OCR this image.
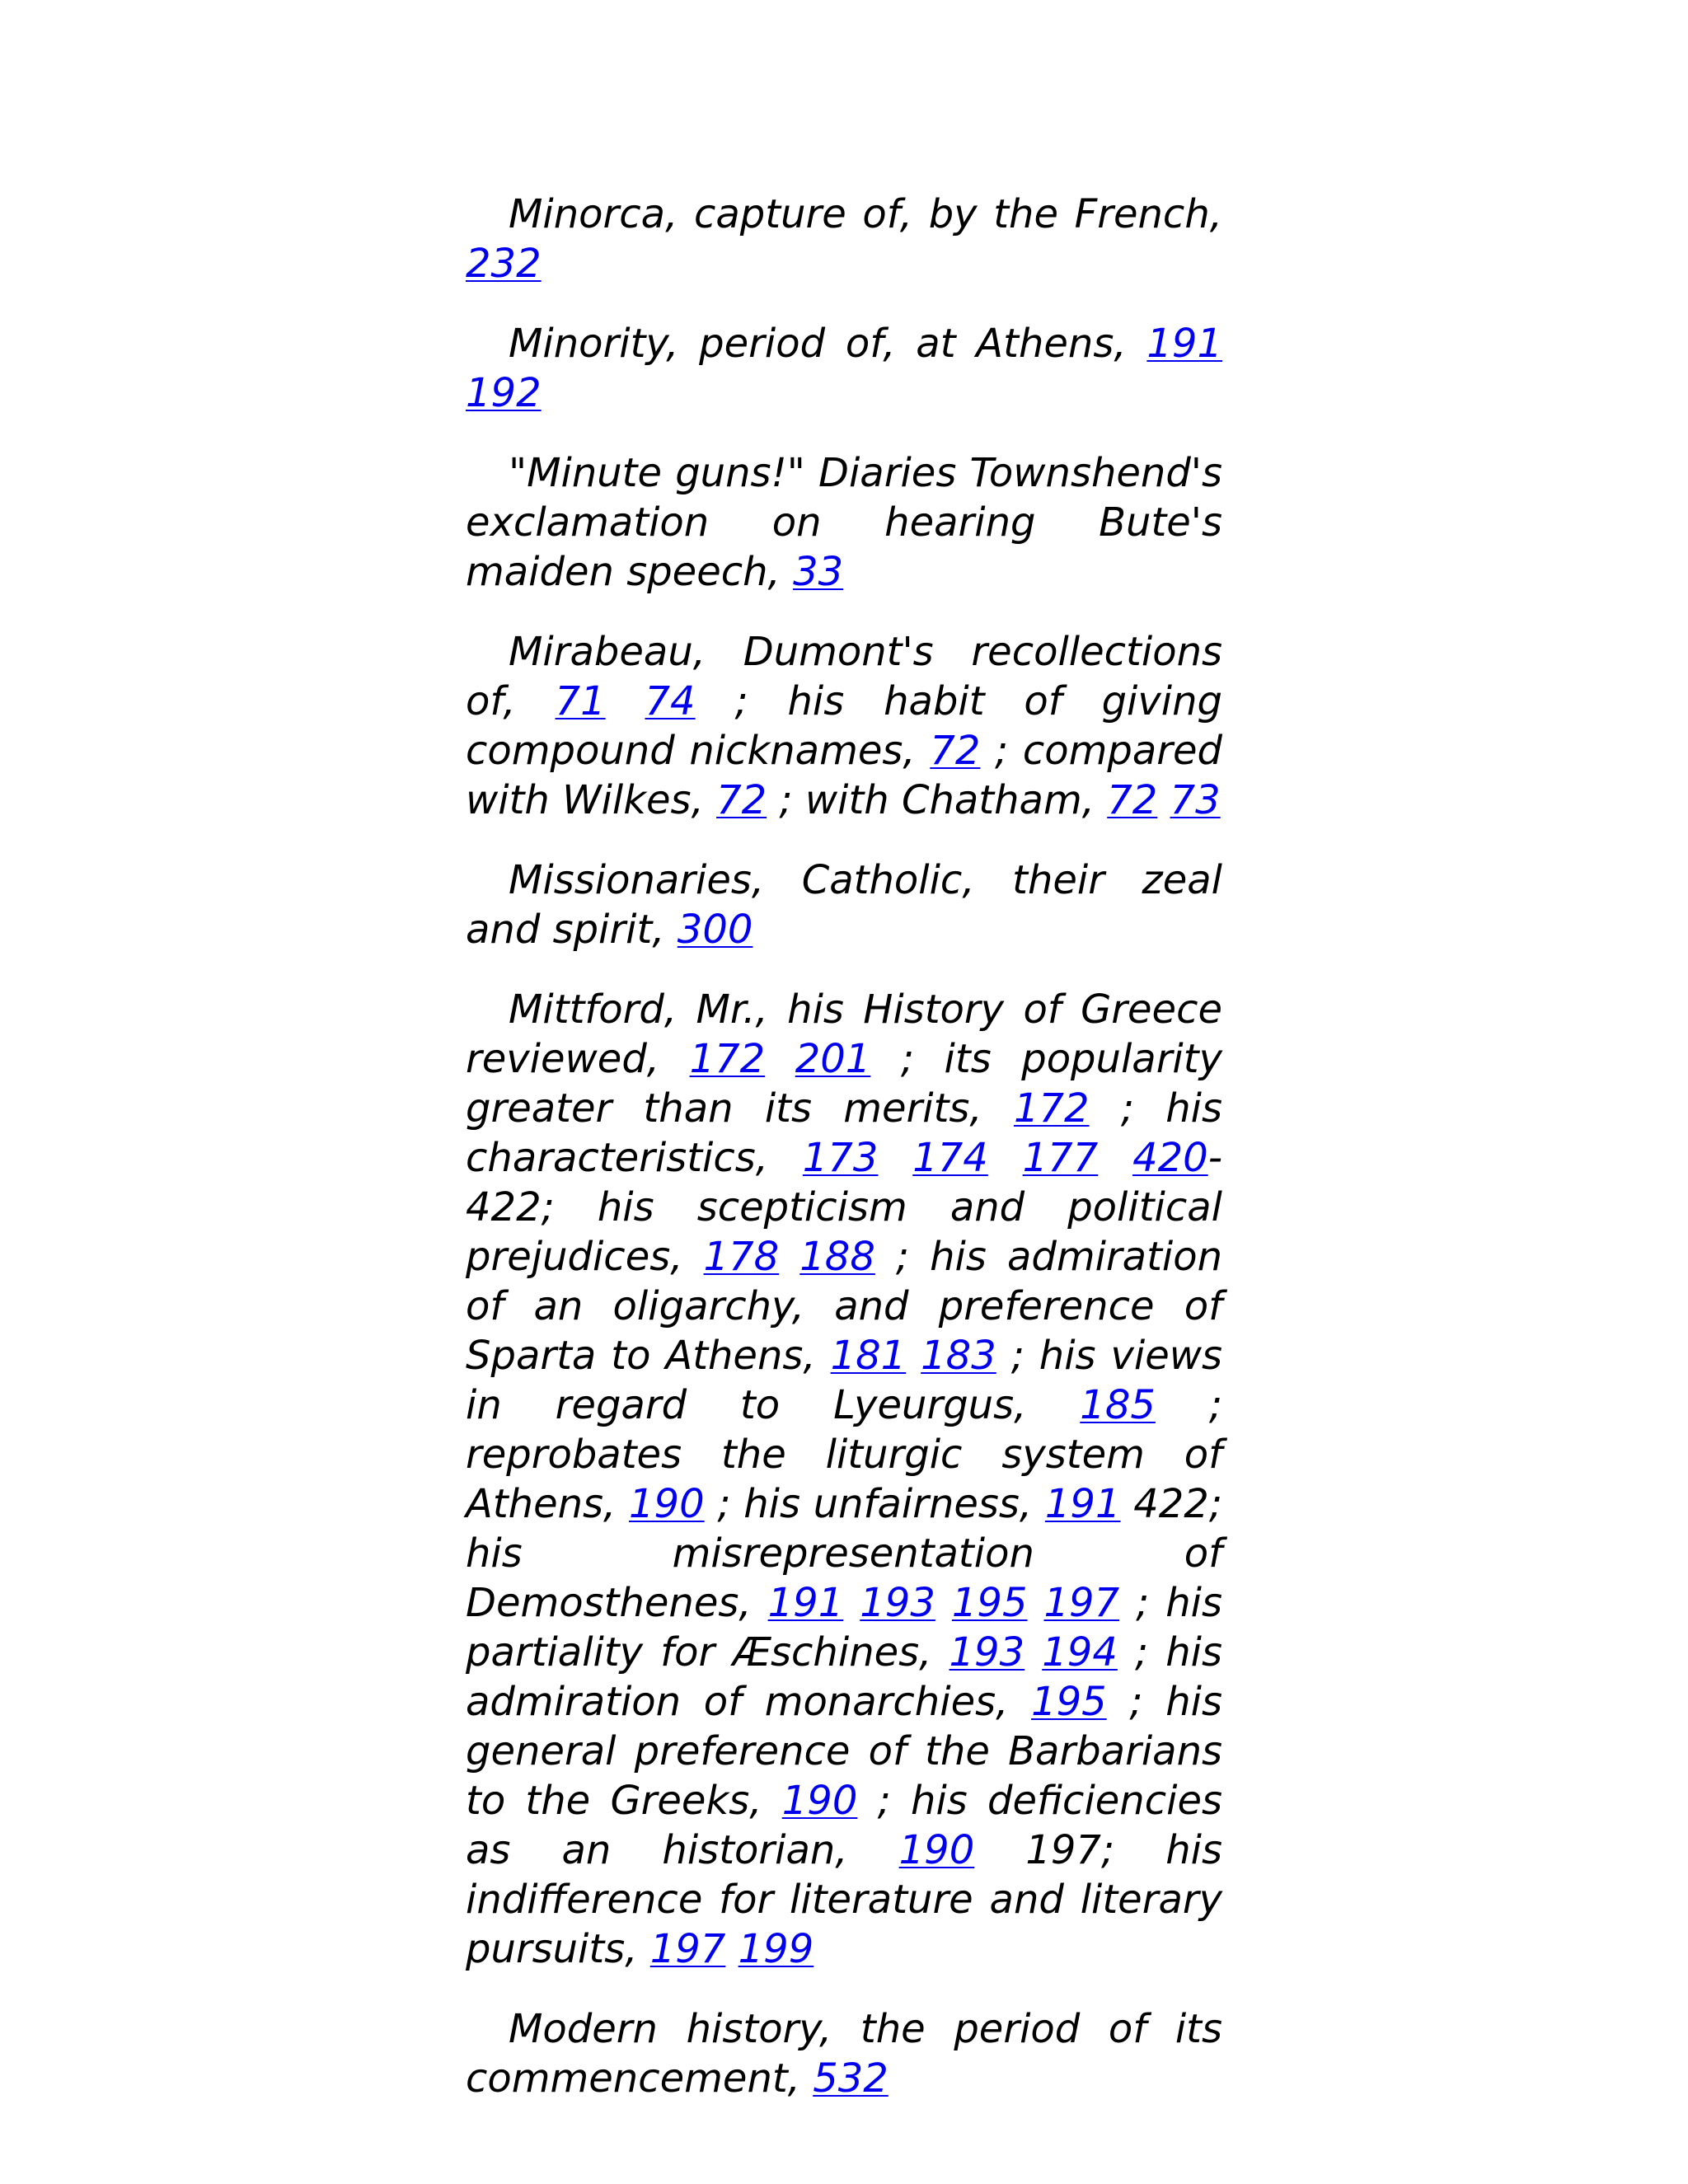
Minorca, capture of, by the French, 232

Minority, period of, at Athens, 191 192

"Minute guns!" Diaries Townshend's exclamation on hearing Bute's maiden speech, 33

Mirabeau, Dumont's recollections of, 71 74 ; his habit of giving compound nicknames, 72 ; compared with Wilkes, 72 ; with Chatham, 72 73

Missionaries, Catholic, their zeal and spirit, 300

Mittford, Mr., his History of Greece reviewed, 172 201 ; its popularity greater than its merits, 172 ; his characteristics, 173 174 177 420-422; his scepticism and political prejudices, 178 188 ; his admiration of an oligarchy, and preference of Sparta to Athens, 181 183 ; his views in regard to Lyeurgus, 185 ; reprobates the liturgic system of Athens, 190 ; his unfairness, 191 422; his misrepresentation of Demosthenes, 191 193 195 197 ; his partiality for Æschines, 193 194 ; his admiration of monarchies, 195 ; his general preference of the Barbarians to the Greeks, 190 ; his deficiencies as an historian, 190 197; his indifference for literature and literary pursuits, 197 199

Modern history, the period of its commencement, 532
